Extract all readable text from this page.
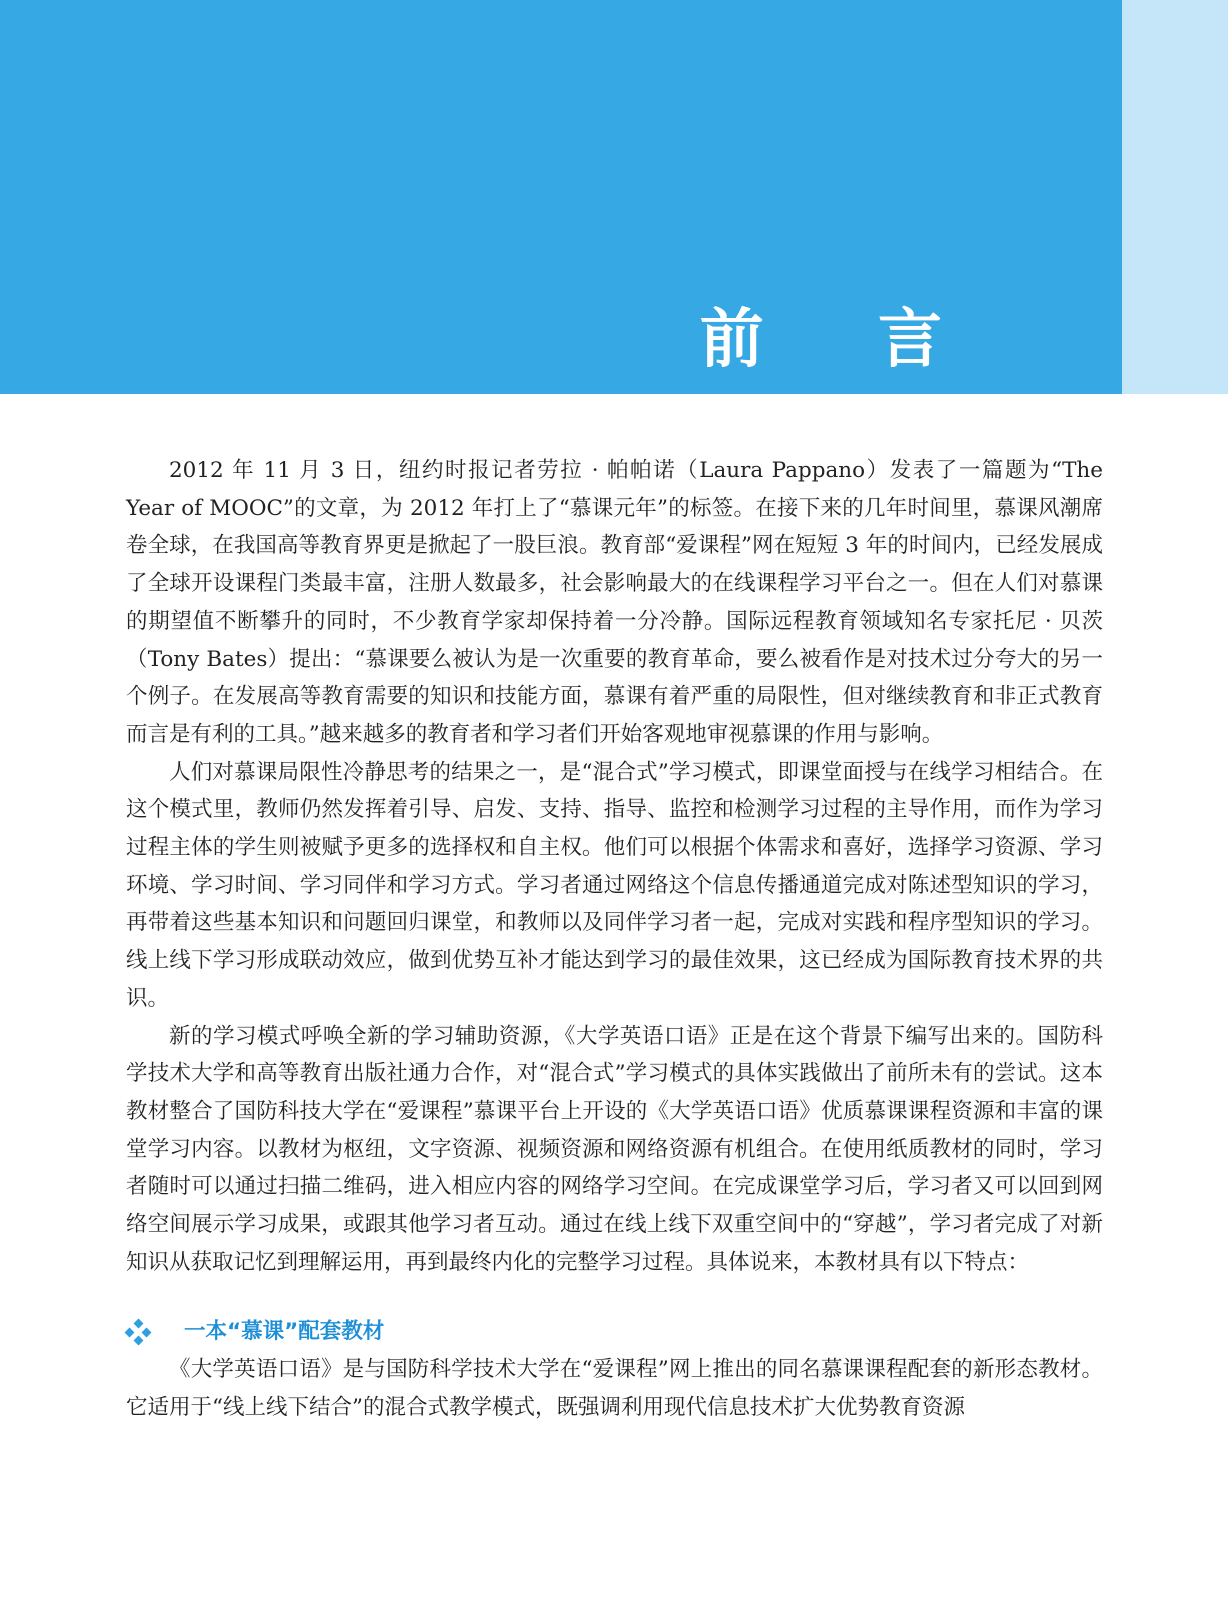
前 言

2012 年 11 月 3 日，纽约时报记者劳拉 · 帕帕诺（Laura Pappano）发表了一篇题为“The Year of MOOC”的文章，为 2012 年打上了“慕课元年”的标签。在接下来的几年时间里，慕课风潮席卷全球，在我国高等教育界更是掀起了一股巨浪。教育部“爱课程”网在短短 3 年的时间内，已经发展成了全球开设课程门类最丰富，注册人数最多，社会影响最大的在线课程学习平台之一。但在人们对慕课的期望值不断攀升的同时，不少教育学家却保持着一分冷静。国际远程教育领域知名专家托尼 · 贝茨（Tony Bates）提出：“慕课要么被认为是一次重要的教育革命，要么被看作是对技术过分夸大的另一个例子。在发展高等教育需要的知识和技能方面，慕课有着严重的局限性，但对继续教育和非正式教育而言是有利的工具。”越来越多的教育者和学习者们开始客观地审视慕课的作用与影响。

人们对慕课局限性冷静思考的结果之一，是“混合式”学习模式，即课堂面授与在线学习相结合。在这个模式里，教师仍然发挥着引导、启发、支持、指导、监控和检测学习过程的主导作用，而作为学习过程主体的学生则被赋予更多的选择权和自主权。他们可以根据个体需求和喜好，选择学习资源、学习环境、学习时间、学习同伴和学习方式。学习者通过网络这个信息传播通道完成对陈述型知识的学习，再带着这些基本知识和问题回归课堂，和教师以及同伴学习者一起，完成对实践和程序型知识的学习。线上线下学习形成联动效应，做到优势互补才能达到学习的最佳效果，这已经成为国际教育技术界的共识。

新的学习模式呼唤全新的学习辅助资源，《大学英语口语》正是在这个背景下编写出来的。国防科学技术大学和高等教育出版社通力合作，对“混合式”学习模式的具体实践做出了前所未有的尝试。这本教材整合了国防科技大学在“爱课程”慕课平台上开设的《大学英语口语》优质慕课课程资源和丰富的课堂学习内容。以教材为枢纽，文字资源、视频资源和网络资源有机组合。在使用纸质教材的同时，学习者随时可以通过扫描二维码，进入相应内容的网络学习空间。在完成课堂学习后，学习者又可以回到网络空间展示学习成果，或跟其他学习者互动。通过在线上线下双重空间中的“穿越”，学习者完成了对新知识从获取记忆到理解运用，再到最终内化的完整学习过程。具体说来，本教材具有以下特点：

一本“慕课”配套教材

《大学英语口语》是与国防科学技术大学在“爱课程”网上推出的同名慕课课程配套的新形态教材。它适用于“线上线下结合”的混合式教学模式，既强调利用现代信息技术扩大优势教育资源
